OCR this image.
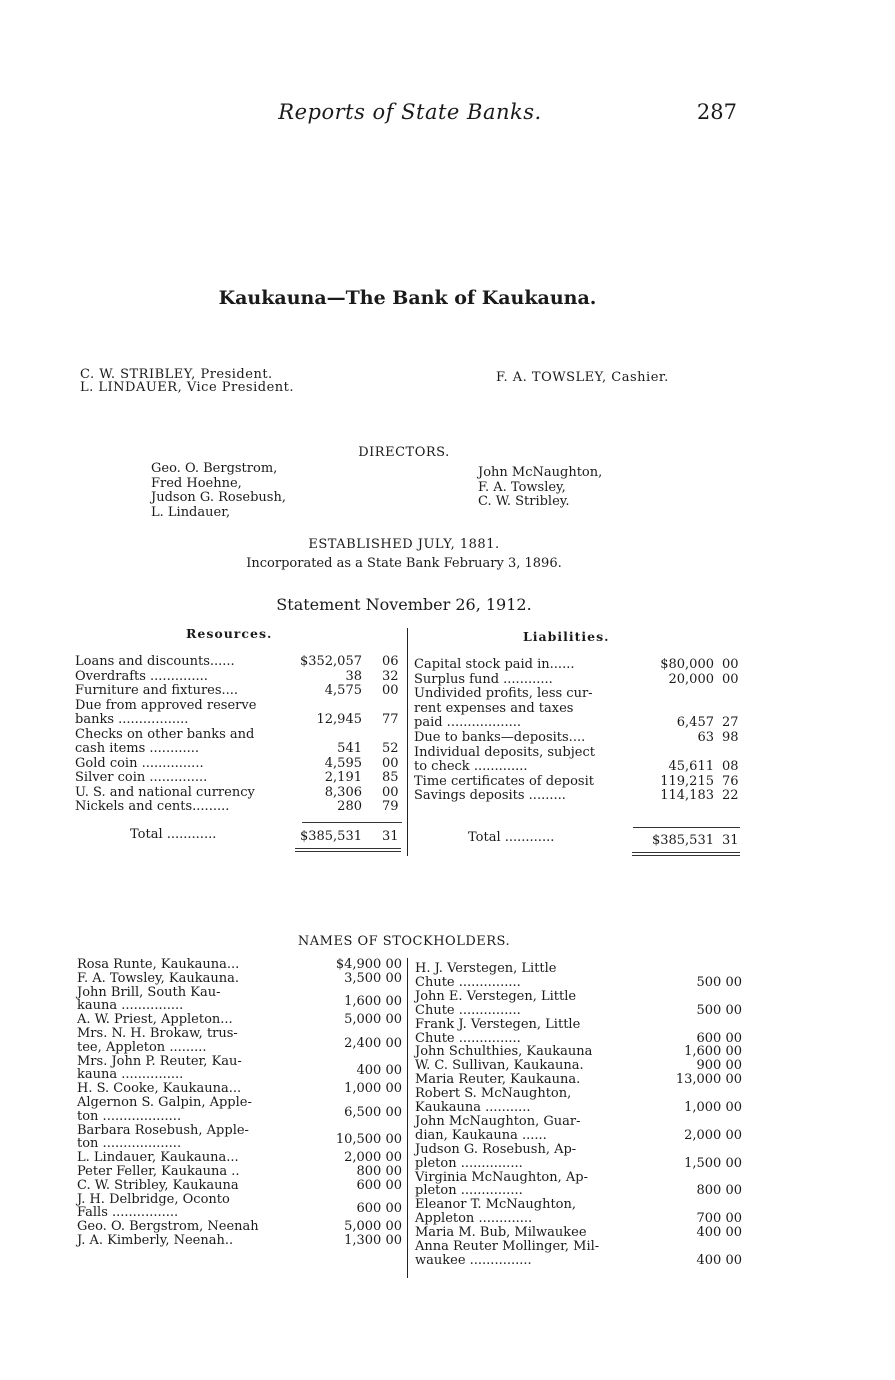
Reports of State Banks.	287
Kaukauna—The Bank of Kaukauna.
C. W. STRIBLEY, President.
L. LINDAUER, Vice President.
F. A. TOWSLEY, Cashier.
DIRECTORS.
Geo. O. Bergstrom,
Fred Hoehne,
Judson G. Rosebush,
L. Lindauer,
John McNaughton,
F. A. Towsley,
C. W. Stribley.
ESTABLISHED JULY, 1881.
Incorporated as a State Bank February 3, 1896.
Statement November 26, 1912.
Resources.	Liabilities.
Loans and discounts......	$352,057 06
Overdrafts ..............	38 32
Furniture and fixtures....	4,575 00
Due from approved reserve
banks .................	12,945 77
Checks on other banks and
cash items ............	541 52
Gold coin ...............	4,595 00
Silver coin ..............	2,191 85
U. S. and national currency	8,306 00
Nickels and cents.........	280 79
Capital stock paid in......	$80,000 00
Surplus fund ............	20,000 00
Undivided profits, less cur-
rent expenses and taxes
paid ..................	6,457 27
Due to banks—deposits....	63 98
Individual deposits, subject
to check .............	45,611 08
Time certificates of deposit	119,215 76
Savings deposits .........	114,183 22
Total ............	$385,531 31	Total ............	$385,531 31
NAMES OF STOCKHOLDERS.
Rosa Runte, Kaukauna...	$4,900 00
F. A. Towsley, Kaukauna.	3,500 00
John Brill, South Kau-
kauna ...............	1,600 00
A. W. Priest, Appleton...	5,000 00
Mrs. N. H. Brokaw, trus-
tee, Appleton .........	2,400 00
Mrs. John P. Reuter, Kau-
kauna ...............	400 00
H. S. Cooke, Kaukauna...	1,000 00
Algernon S. Galpin, Apple-
ton ...................	6,500 00
Barbara Rosebush, Apple-
ton ...................	10,500 00
L. Lindauer, Kaukauna...	2,000 00
Peter Feller, Kaukauna ..	800 00
C. W. Stribley, Kaukauna	600 00
J. H. Delbridge, Oconto
Falls ................	600 00
Geo. O. Bergstrom, Neenah	5,000 00
J. A. Kimberly, Neenah..	1,300 00
H. J. Verstegen, Little
Chute ...............	500 00
John E. Verstegen, Little
Chute ...............	500 00
Frank J. Verstegen, Little
Chute ...............	600 00
John Schulthies, Kaukauna	1,600 00
W. C. Sullivan, Kaukauna.	900 00
Maria Reuter, Kaukauna.	13,000 00
Robert S. McNaughton,
Kaukauna ...........	1,000 00
John McNaughton, Guar-
dian, Kaukauna ......	2,000 00
Judson G. Rosebush, Ap-
pleton ...............	1,500 00
Virginia McNaughton, Ap-
pleton ...............	800 00
Eleanor T. McNaughton,
Appleton .............	700 00
Maria M. Bub, Milwaukee	400 00
Anna Reuter Mollinger, Mil-
waukee ...............	400 00
